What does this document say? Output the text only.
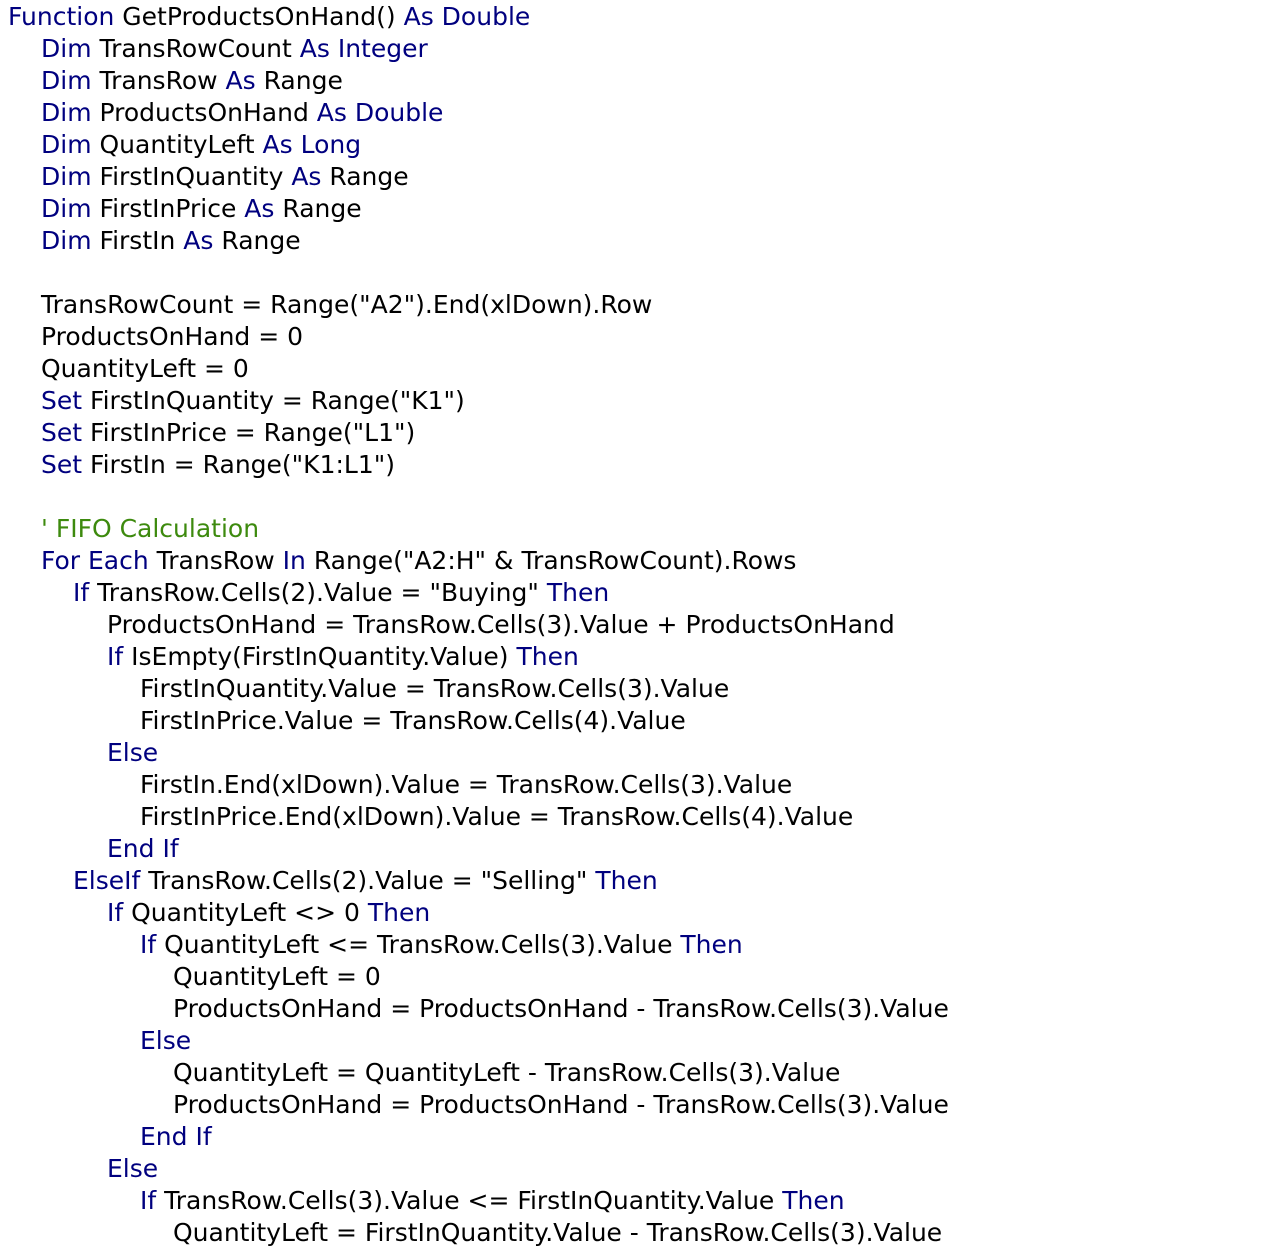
Function GetProductsOnHand() As Double
Dim TransRowCount As Integer
Dim TransRow As Range
Dim ProductsOnHand As Double
Dim QuantityLeft As Long
Dim FirstInQuantity As Range
Dim FirstInPrice As Range
Dim FirstIn As Range
TransRowCount = Range("A2").End(xlDown).Row
ProductsOnHand = 0
QuantityLeft = 0
Set FirstInQuantity = Range("K1")
Set FirstInPrice = Range("L1")
Set FirstIn = Range("K1:L1")
' FIFO Calculation
For Each TransRow In Range("A2:H" & TransRowCount).Rows
If TransRow.Cells(2).Value = "Buying" Then
ProductsOnHand = TransRow.Cells(3).Value + ProductsOnHand
If IsEmpty(FirstInQuantity.Value) Then
FirstInQuantity.Value = TransRow.Cells(3).Value
FirstInPrice.Value = TransRow.Cells(4).Value
Else
FirstIn.End(xlDown).Value = TransRow.Cells(3).Value
FirstInPrice.End(xlDown).Value = TransRow.Cells(4).Value
End If
ElseIf TransRow.Cells(2).Value = "Selling" Then
If QuantityLeft <> 0 Then
If QuantityLeft <= TransRow.Cells(3).Value Then
QuantityLeft = 0
ProductsOnHand = ProductsOnHand - TransRow.Cells(3).Value
Else
QuantityLeft = QuantityLeft - TransRow.Cells(3).Value
ProductsOnHand = ProductsOnHand - TransRow.Cells(3).Value
End If
Else
If TransRow.Cells(3).Value <= FirstInQuantity.Value Then
QuantityLeft = FirstInQuantity.Value - TransRow.Cells(3).Value
